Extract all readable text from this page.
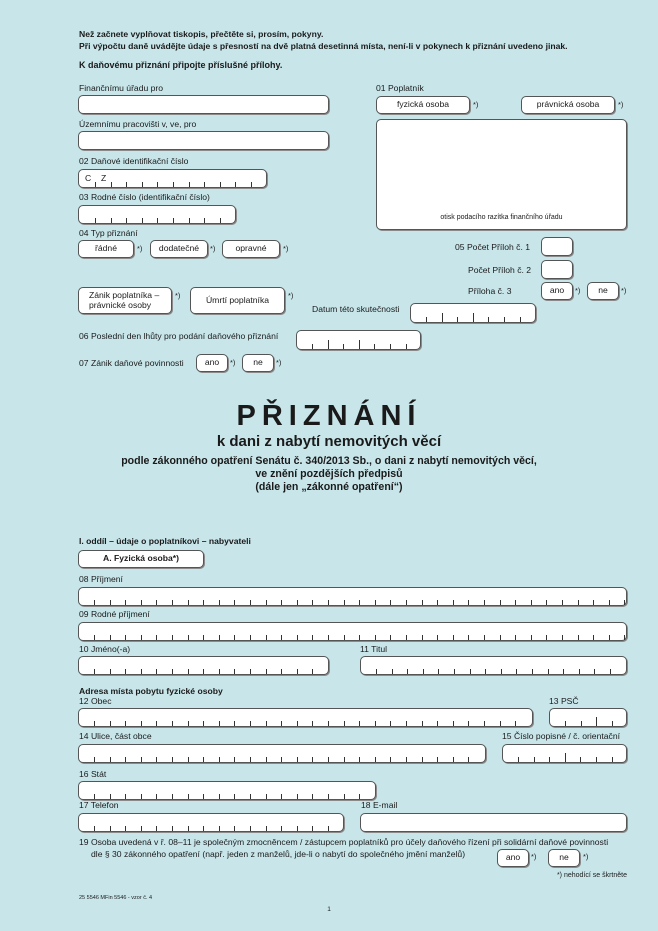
Než začnete vyplňovat tiskopis, přečtěte si, prosím, pokyny.
Při výpočtu daně uvádějte údaje s přesností na dvě platná desetinná místa, není-li v pokynech k přiznání uvedeno jinak.
K daňovému přiznání připojte příslušné přílohy.
Finančnímu úřadu pro
Územnímu pracovišti v, ve, pro
02 Daňové identifikační číslo
C Z
03 Rodné číslo (identifikační číslo)
01 Poplatník
fyzická osoba	*)	právnická osoba	*)
otisk podacího razítka finančního úřadu
04 Typ přiznání
řádné	*)	dodatečné	*)	opravné	*)
Zánik poplatníka – právnické osoby
*)	Úmrtí poplatníka	*)
05 Počet Příloh č. 1
Počet Příloh č. 2
Příloha č. 3	ano	*)	ne	*)
Datum této skutečnosti
06 Poslední den lhůty pro podání daňového přiznání
07 Zánik daňové povinnosti	ano	*)	ne	*)
PŘIZNÁNÍ
k dani z nabytí nemovitých věcí
podle zákonného opatření Senátu č. 340/2013 Sb., o dani z nabytí nemovitých věcí,
ve znění pozdějších předpisů
(dále jen „zákonné opatření“)
I. oddíl – údaje o poplatníkovi – nabyvateli
A. Fyzická osoba*)
08 Příjmení
09 Rodné příjmení
10 Jméno(-a)	11 Titul
Adresa místa pobytu fyzické osoby
12 Obec	13 PSČ
14 Ulice, část obce	15 Číslo popisné / č. orientační
16 Stát
17 Telefon	18 E-mail
19 Osoba uvedená v ř. 08–11 je společným zmocněncem / zástupcem poplatníků pro účely daňového řízení při solidární daňové povinnosti
dle § 30 zákonného opatření (např. jeden z manželů, jde-li o nabytí do společného jmění manželů)	ano	*)	ne	*)
*) nehodící se škrtněte
25 5546 MFin 5546 - vzor č. 4
1
